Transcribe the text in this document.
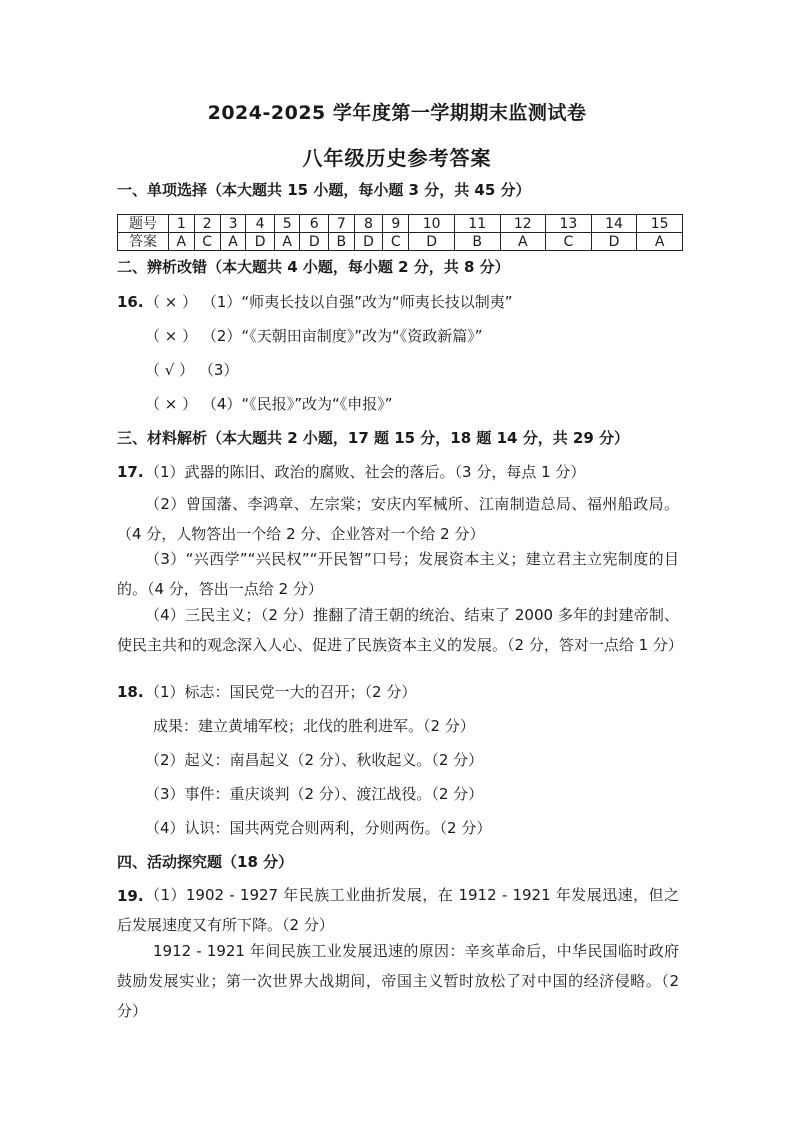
2024-2025 学年度第一学期期末监测试卷
八年级历史参考答案
一、单项选择（本大题共 15 小题，每小题 3 分，共 45 分）
题号	1	2	3	4	5	6	7	8	9	10	11	12	13	14	15
答案	A	C	A	D	A	D	B	D	C	D	B	A	C	D	A
二、辨析改错（本大题共 4 小题，每小题 2 分，共 8 分）
16. （ × ） （1）“师夷长技以自强”改为“师夷长技以制夷”
（ × ） （2）“《天朝田亩制度》”改为“《资政新篇》”
（ √ ） （3）
（ × ） （4）“《民报》”改为“《申报》”
三、材料解析（本大题共 2 小题，17 题 15 分，18 题 14 分，共 29 分）
17. （1）武器的陈旧、政治的腐败、社会的落后。（3 分，每点 1 分）
（2）曾国藩、李鸿章、左宗棠；安庆内军械所、江南制造总局、福州船政局。（4 分，人物答出一个给 2 分、企业答对一个给 2 分）
（3）“兴西学”“兴民权”“开民智”口号；发展资本主义；建立君主立宪制度的目的。（4 分，答出一点给 2 分）
（4）三民主义；（2 分）推翻了清王朝的统治、结束了 2000 多年的封建帝制、使民主共和的观念深入人心、促进了民族资本主义的发展。（2 分，答对一点给 1 分）
18. （1）标志：国民党一大的召开；（2 分）
成果：建立黄埔军校；北伐的胜利进军。（2 分）
（2）起义：南昌起义（2 分）、秋收起义。（2 分）
（3）事件：重庆谈判（2 分）、渡江战役。（2 分）
（4）认识：国共两党合则两利，分则两伤。（2 分）
四、活动探究题（18 分）
19. （1）1902 - 1927 年民族工业曲折发展，在 1912 - 1921 年发展迅速，但之后发展速度又有所下降。（2 分）
1912 - 1921 年间民族工业发展迅速的原因：辛亥革命后，中华民国临时政府鼓励发展实业；第一次世界大战期间，帝国主义暂时放松了对中国的经济侵略。（2 分）
